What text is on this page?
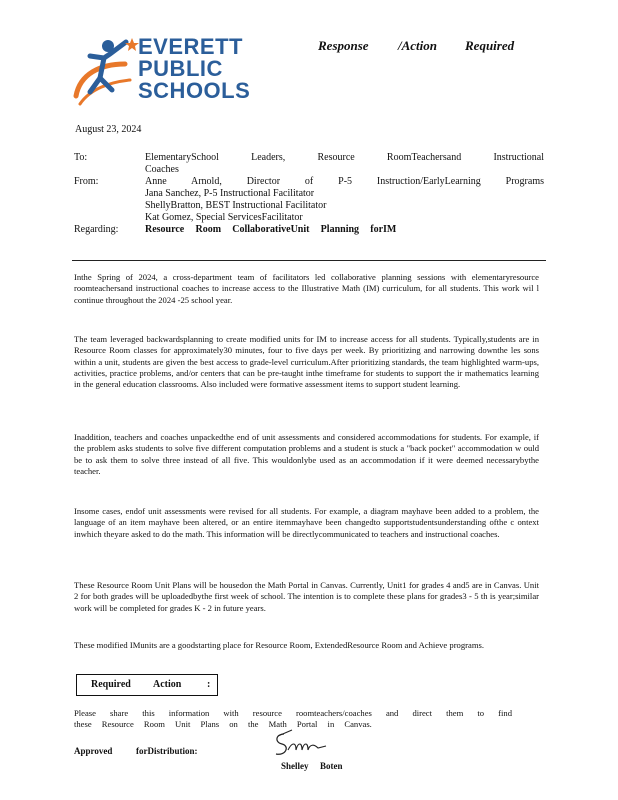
EVERETT
PUBLIC
SCHOOLS
Response /Action Required
August 23, 2024
To:	ElementarySchool Leaders, Resource RoomTeachersand Instructional
Coaches
From:	Anne Arnold, Director of P-5 Instruction/EarlyLearning Programs
Jana Sanchez, P-5 Instructional Facilitator
ShellyBratton, BEST Instructional Facilitator
Kat Gomez, Special ServicesFacilitator
Regarding:	Resource Room CollaborativeUnit Planning forIM
Inthe Spring of 2024, a cross-department team of facilitators led collaborative planning sessions with elementaryresource roomteachersand instructional coaches to increase access to the Illustrative Math (IM) curriculum, for all students. This work wil l continue throughout the 2024 -25 school year.
The team leveraged backwardsplanning to create modified units for IM to increase access for all students. Typically,students are in Resource Room classes for approximately30 minutes, four to five days per week. By prioritizing and narrowing downthe les sons within a unit, students are given the best access to grade-level curriculum.After prioritizing standards, the team highlighted warm-ups, activities, practice problems, and/or centers that can be pre-taught inthe timeframe for students to support the ir mathematics learning in the general education classrooms. Also included were formative assessment items to support student learning.
Inaddition, teachers and coaches unpackedthe end of unit assessments and considered accommodations for students. For example, if the problem asks students to solve five different computation problems and a student is stuck a "back pocket" accommodation w ould be to ask them to solve three instead of all five. This wouldonlybe used as an accommodation if it were deemed necessarybythe teacher.
Insome cases, endof unit assessments were revised for all students. For example, a diagram mayhave been added to a problem, the language of an item mayhave been altered, or an entire itemmayhave been changedto supportstudentsunderstanding ofthe c ontext inwhich theyare asked to do the math. This information will be directlycommunicated to teachers and instructional coaches.
These Resource Room Unit Plans will be housedon the Math Portal in Canvas. Currently, Unit1 for grades 4 and5 are in Canvas. Unit 2 for both grades will be uploadedbythe first week of school. The intention is to complete these plans for grades3 - 5 th is year;similar work will be completed for grades K - 2 in future years.
These modified IMunits are a goodstarting place for Resource Room, ExtendedResource Room and Achieve programs.
Required Action	:
Please share this information with resource roomteachers/coaches and direct them to find
these Resource Room Unit Plans on the Math Portal in Canvas.
Approved	forDistribution:
Shelley Boten
